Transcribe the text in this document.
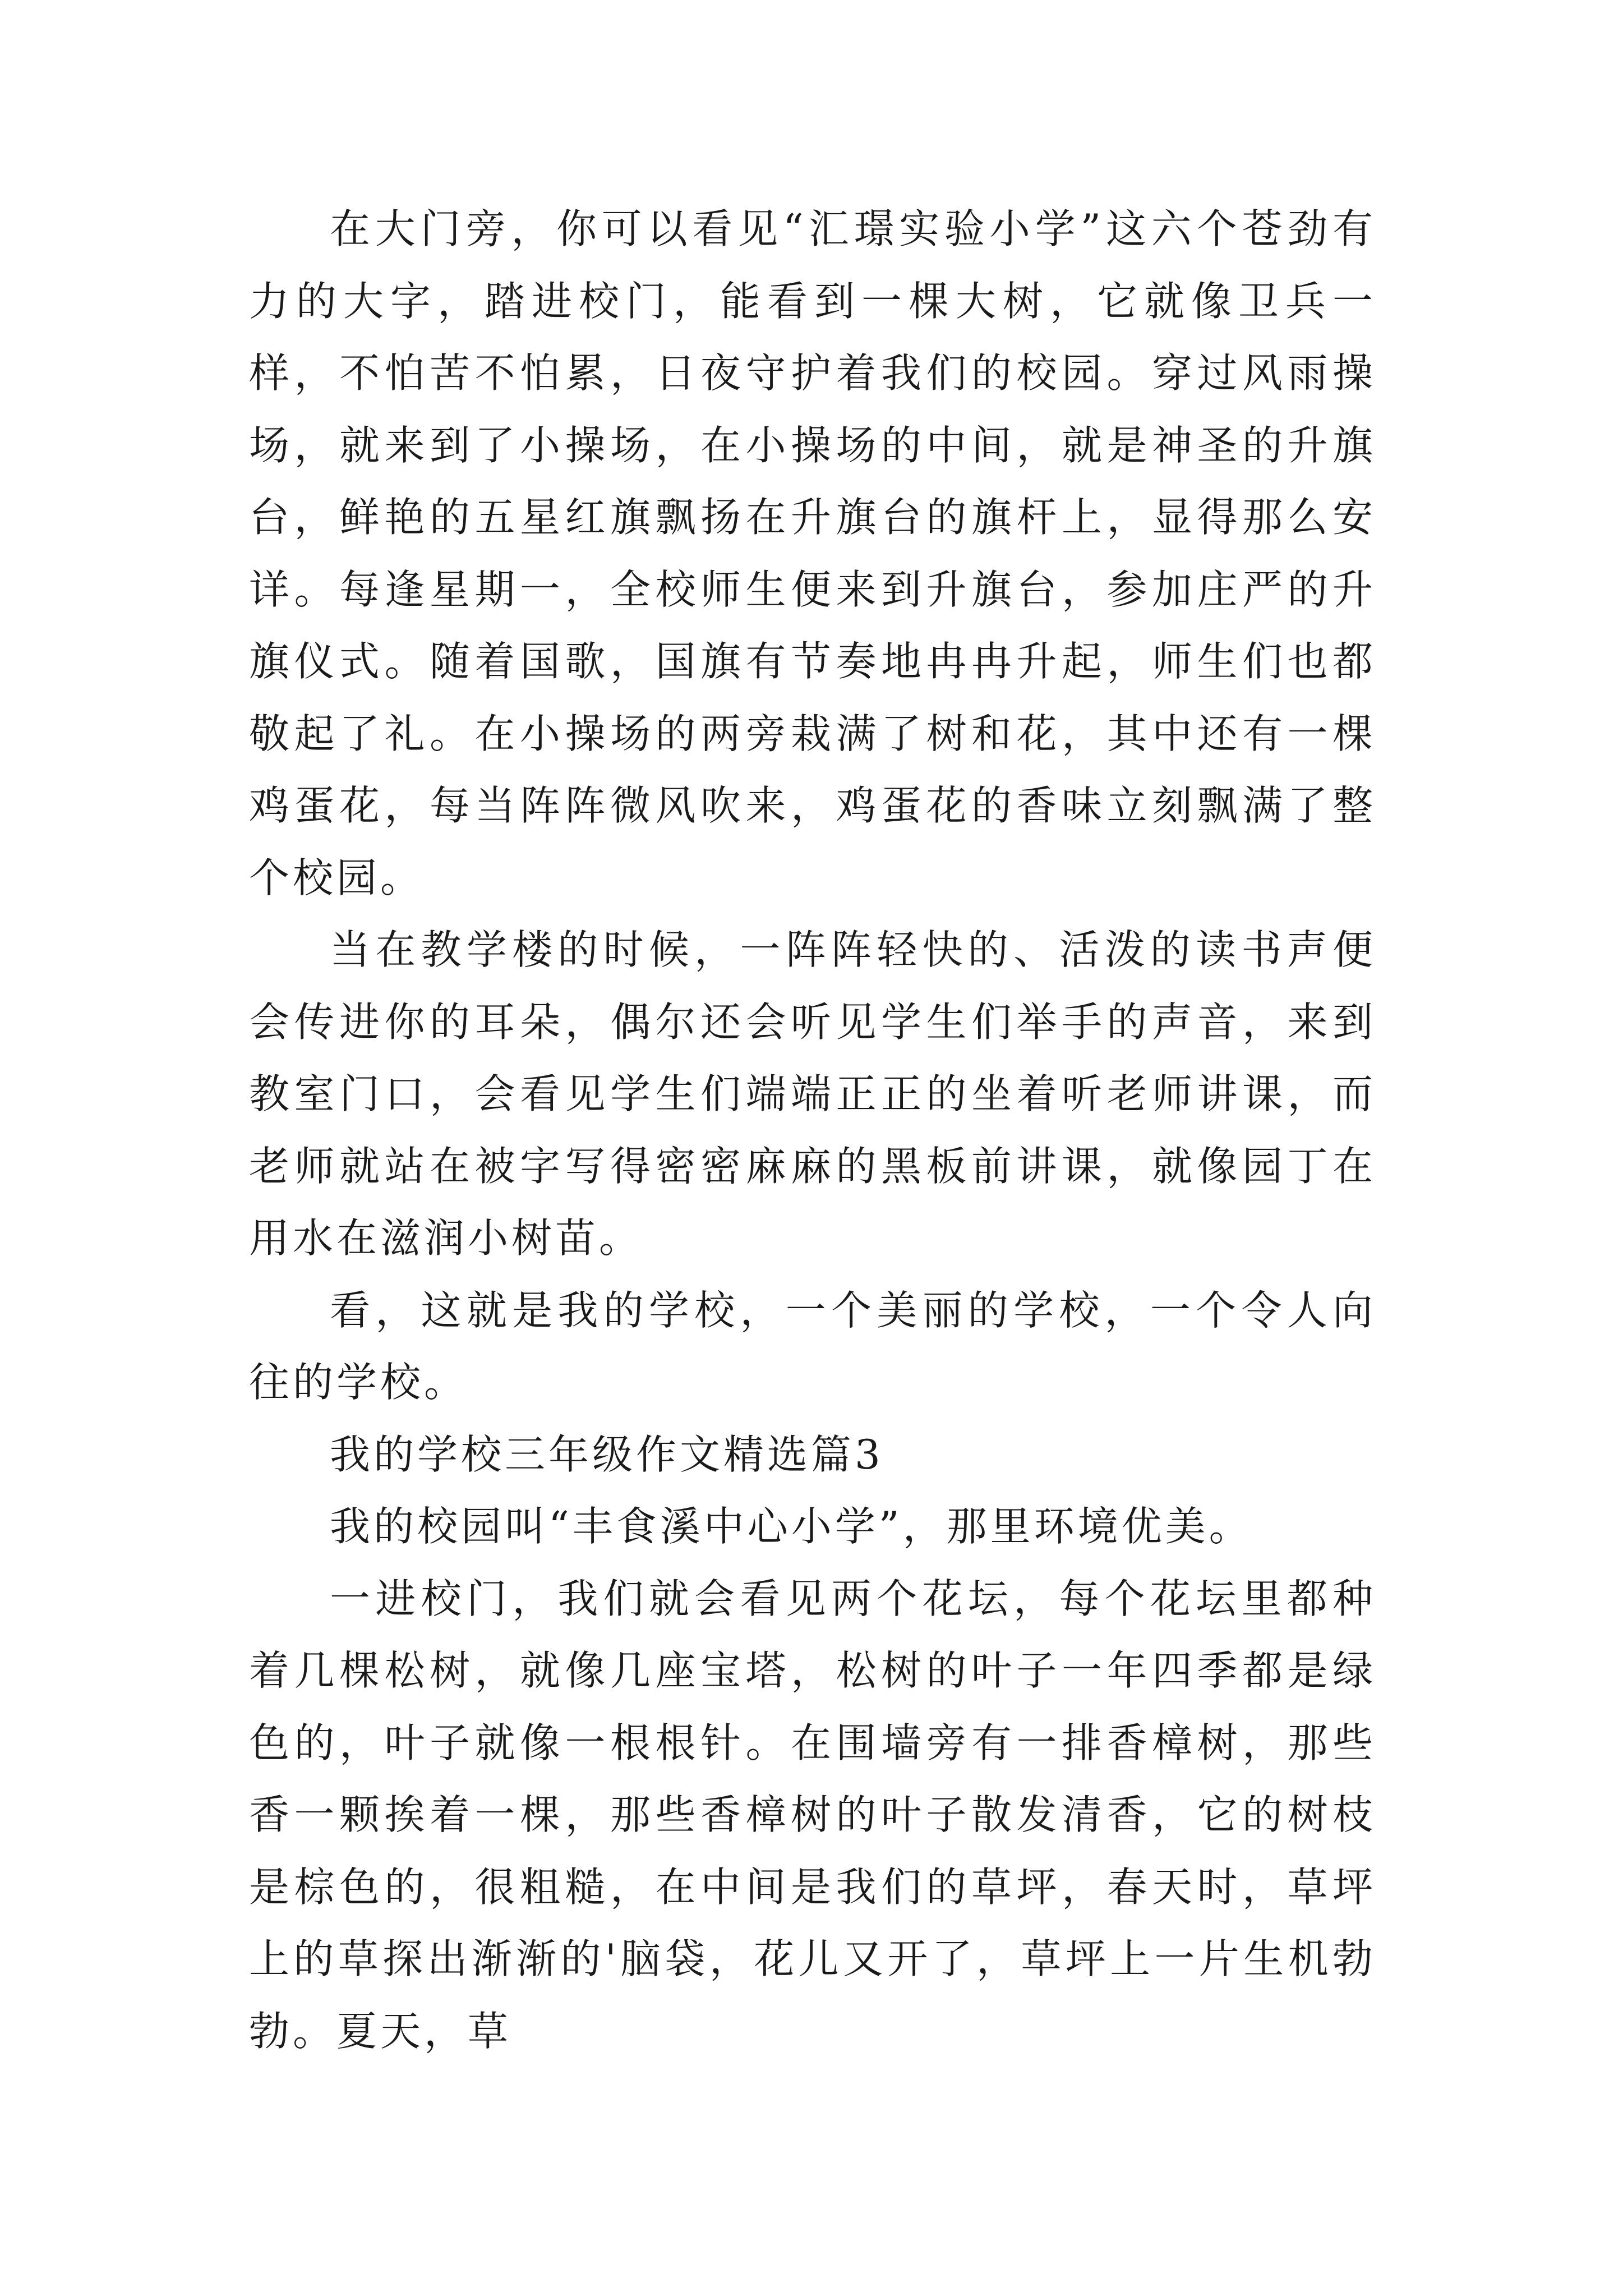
在大门旁，你可以看见“汇璟实验小学”这六个苍劲有力的大字，踏进校门，能看到一棵大树，它就像卫兵一样，不怕苦不怕累，日夜守护着我们的校园。穿过风雨操场，就来到了小操场，在小操场的中间，就是神圣的升旗台，鲜艳的五星红旗飘扬在升旗台的旗杆上，显得那么安详。每逢星期一，全校师生便来到升旗台，参加庄严的升旗仪式。随着国歌，国旗有节奏地冉冉升起，师生们也都敬起了礼。在小操场的两旁栽满了树和花，其中还有一棵鸡蛋花，每当阵阵微风吹来，鸡蛋花的香味立刻飘满了整个校园。

当在教学楼的时候，一阵阵轻快的、活泼的读书声便会传进你的耳朵，偶尔还会听见学生们举手的声音，来到教室门口，会看见学生们端端正正的坐着听老师讲课，而老师就站在被字写得密密麻麻的黑板前讲课，就像园丁在用水在滋润小树苗。

看，这就是我的学校，一个美丽的学校，一个令人向往的学校。

我的学校三年级作文精选篇3

我的校园叫“丰食溪中心小学”，那里环境优美。

一进校门，我们就会看见两个花坛，每个花坛里都种着几棵松树，就像几座宝塔，松树的叶子一年四季都是绿色的，叶子就像一根根针。在围墙旁有一排香樟树，那些香一颗挨着一棵，那些香樟树的叶子散发清香，它的树枝是棕色的，很粗糙，在中间是我们的草坪，春天时，草坪上的草探出渐渐的'脑袋，花儿又开了，草坪上一片生机勃勃。夏天，草
